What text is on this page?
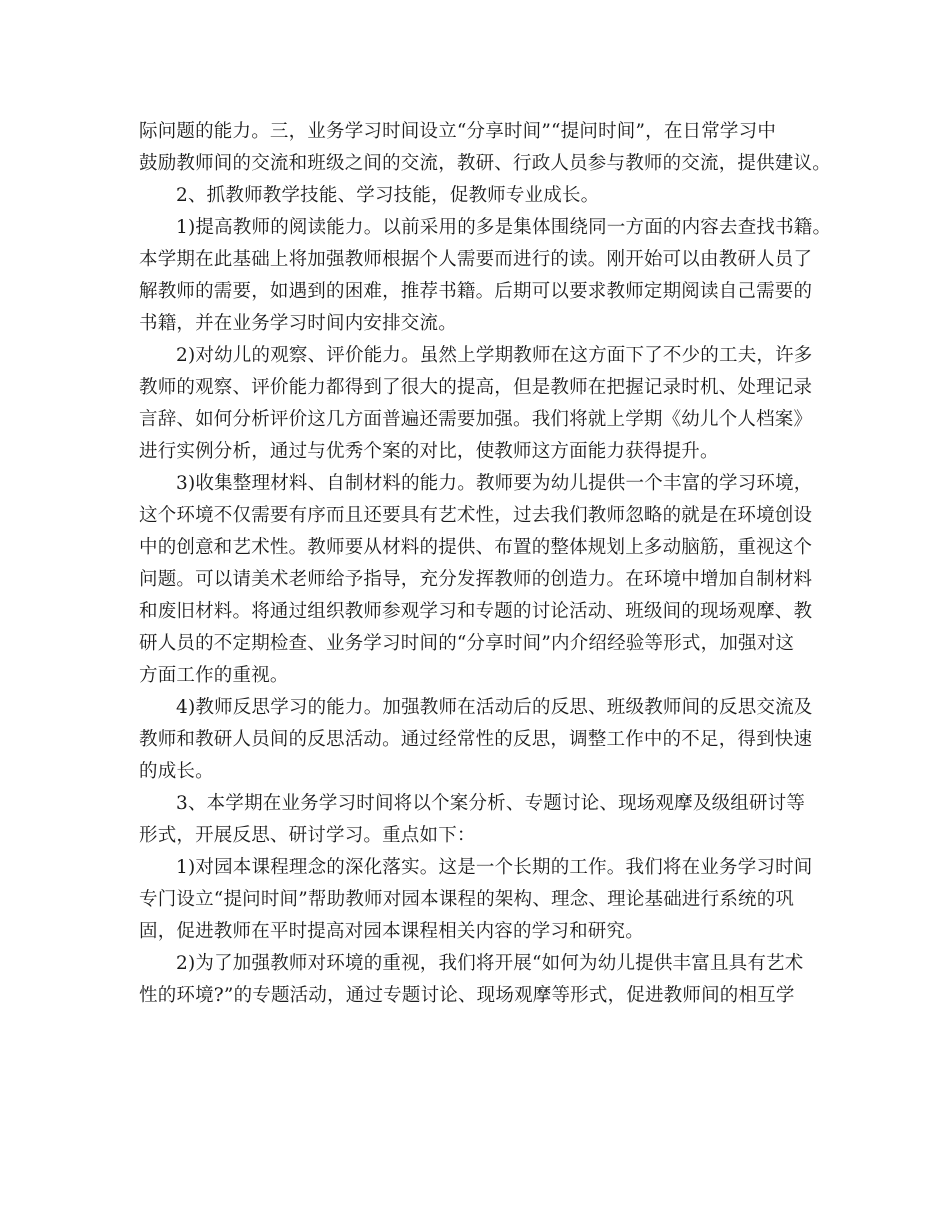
际问题的能力。三，业务学习时间设立“分享时间”“提问时间”，在日常学习中
鼓励教师间的交流和班级之间的交流，教研、行政人员参与教师的交流，提供建议。
2、抓教师教学技能、学习技能，促教师专业成长。
1)提高教师的阅读能力。以前采用的多是集体围绕同一方面的内容去查找书籍。
本学期在此基础上将加强教师根据个人需要而进行的读。刚开始可以由教研人员了
解教师的需要，如遇到的困难，推荐书籍。后期可以要求教师定期阅读自己需要的
书籍，并在业务学习时间内安排交流。
2)对幼儿的观察、评价能力。虽然上学期教师在这方面下了不少的工夫，许多
教师的观察、评价能力都得到了很大的提高，但是教师在把握记录时机、处理记录
言辞、如何分析评价这几方面普遍还需要加强。我们将就上学期《幼儿个人档案》
进行实例分析，通过与优秀个案的对比，使教师这方面能力获得提升。
3)收集整理材料、自制材料的能力。教师要为幼儿提供一个丰富的学习环境，
这个环境不仅需要有序而且还要具有艺术性，过去我们教师忽略的就是在环境创设
中的创意和艺术性。教师要从材料的提供、布置的整体规划上多动脑筋，重视这个
问题。可以请美术老师给予指导，充分发挥教师的创造力。在环境中增加自制材料
和废旧材料。将通过组织教师参观学习和专题的讨论活动、班级间的现场观摩、教
研人员的不定期检查、业务学习时间的“分享时间”内介绍经验等形式，加强对这
方面工作的重视。
4)教师反思学习的能力。加强教师在活动后的反思、班级教师间的反思交流及
教师和教研人员间的反思活动。通过经常性的反思，调整工作中的不足，得到快速
的成长。
3、本学期在业务学习时间将以个案分析、专题讨论、现场观摩及级组研讨等
形式，开展反思、研讨学习。重点如下：
1)对园本课程理念的深化落实。这是一个长期的工作。我们将在业务学习时间
专门设立“提问时间”帮助教师对园本课程的架构、理念、理论基础进行系统的巩
固，促进教师在平时提高对园本课程相关内容的学习和研究。
2)为了加强教师对环境的重视，我们将开展“如何为幼儿提供丰富且具有艺术
性的环境?”的专题活动，通过专题讨论、现场观摩等形式，促进教师间的相互学
